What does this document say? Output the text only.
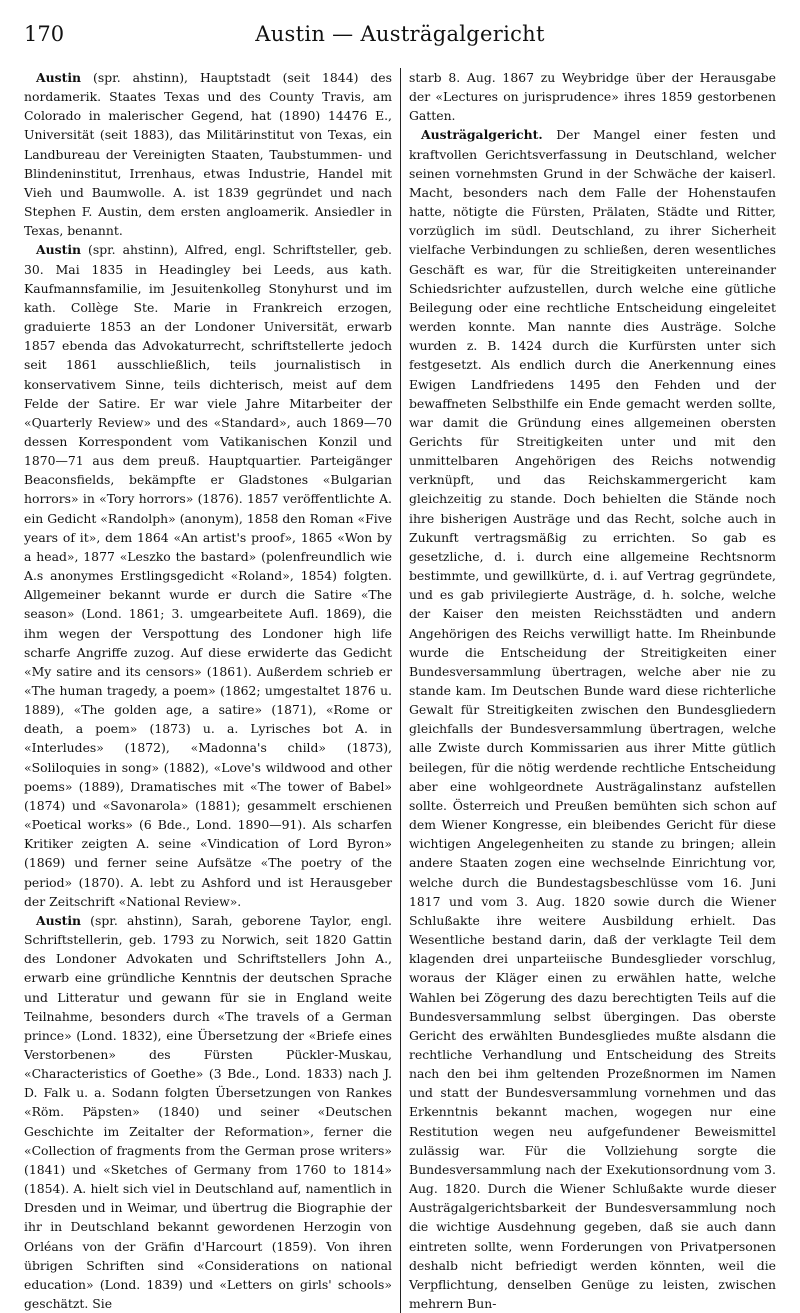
170	Austin — Austrägalgericht

Austin (spr. ahstinn), Hauptstadt (seit 1844) des nordamerik. Staates Texas und des County Travis, am Colorado in malerischer Gegend, hat (1890) 14476 E., Universität (seit 1883), das Militärinstitut von Texas, ein Landbureau der Vereinigten Staaten, Taubstummen- und Blindeninstitut, Irrenhaus, etwas Industrie, Handel mit Vieh und Baumwolle. A. ist 1839 gegründet und nach Stephen F. Austin, dem ersten angloamerik. Ansiedler in Texas, benannt.

Austin (spr. ahstinn), Alfred, engl. Schriftsteller, geb. 30. Mai 1835 in Headingley bei Leeds, aus kath. Kaufmannsfamilie, im Jesuitenkolleg Stonyhurst und im kath. Collège Ste. Marie in Frankreich erzogen, graduierte 1853 an der Londoner Universität, erwarb 1857 ebenda das Advokaturrecht, schriftstellerte jedoch seit 1861 ausschließlich, teils journalistisch in konservativem Sinne, teils dichterisch, meist auf dem Felde der Satire. Er war viele Jahre Mitarbeiter der «Quarterly Review» und des «Standard», auch 1869—70 dessen Korrespondent vom Vatikanischen Konzil und 1870—71 aus dem preuß. Hauptquartier. Parteigänger Beaconsfields, bekämpfte er Gladstones «Bulgarian horrors» in «Tory horrors» (1876). 1857 veröffentlichte A. ein Gedicht «Randolph» (anonym), 1858 den Roman «Five years of it», dem 1864 «An artist's proof», 1865 «Won by a head», 1877 «Leszko the bastard» (polenfreundlich wie A.s anonymes Erstlingsgedicht «Roland», 1854) folgten. Allgemeiner bekannt wurde er durch die Satire «The season» (Lond. 1861; 3. umgearbeitete Aufl. 1869), die ihm wegen der Verspottung des Londoner high life scharfe Angriffe zuzog. Auf diese erwiderte das Gedicht «My satire and its censors» (1861). Außerdem schrieb er «The human tragedy, a poem» (1862; umgestaltet 1876 u. 1889), «The golden age, a satire» (1871), «Rome or death, a poem» (1873) u. a. Lyrisches bot A. in «Interludes» (1872), «Madonna's child» (1873), «Soliloquies in song» (1882), «Love's wildwood and other poems» (1889), Dramatisches mit «The tower of Babel» (1874) und «Savonarola» (1881); gesammelt erschienen «Poetical works» (6 Bde., Lond. 1890—91). Als scharfen Kritiker zeigten A. seine «Vindication of Lord Byron» (1869) und ferner seine Aufsätze «The poetry of the period» (1870). A. lebt zu Ashford und ist Herausgeber der Zeitschrift «National Review».

Austin (spr. ahstinn), Sarah, geborene Taylor, engl. Schriftstellerin, geb. 1793 zu Norwich, seit 1820 Gattin des Londoner Advokaten und Schriftstellers John A., erwarb eine gründliche Kenntnis der deutschen Sprache und Litteratur und gewann für sie in England weite Teilnahme, besonders durch «The travels of a German prince» (Lond. 1832), eine Übersetzung der «Briefe eines Verstorbenen» des Fürsten Pückler-Muskau, «Characteristics of Goethe» (3 Bde., Lond. 1833) nach J. D. Falk u. a. Sodann folgten Übersetzungen von Rankes «Röm. Päpsten» (1840) und seiner «Deutschen Geschichte im Zeitalter der Reformation», ferner die «Collection of fragments from the German prose writers» (1841) und «Sketches of Germany from 1760 to 1814» (1854). A. hielt sich viel in Deutschland auf, namentlich in Dresden und in Weimar, und übertrug die Biographie der ihr in Deutschland bekannt gewordenen Herzogin von Orléans von der Gräfin d'Harcourt (1859). Von ihren übrigen Schriften sind «Considerations on national education» (Lond. 1839) und «Letters on girls' schools» geschätzt. Sie

starb 8. Aug. 1867 zu Weybridge über der Herausgabe der «Lectures on jurisprudence» ihres 1859 gestorbenen Gatten.

Austrägalgericht. Der Mangel einer festen und kraftvollen Gerichtsverfassung in Deutschland, welcher seinen vornehmsten Grund in der Schwäche der kaiserl. Macht, besonders nach dem Falle der Hohenstaufen hatte, nötigte die Fürsten, Prälaten, Städte und Ritter, vorzüglich im südl. Deutschland, zu ihrer Sicherheit vielfache Verbindungen zu schließen, deren wesentliches Geschäft es war, für die Streitigkeiten untereinander Schiedsrichter aufzustellen, durch welche eine gütliche Beilegung oder eine rechtliche Entscheidung eingeleitet werden konnte. Man nannte dies Austräge. Solche wurden z. B. 1424 durch die Kurfürsten unter sich festgesetzt. Als endlich durch die Anerkennung eines Ewigen Landfriedens 1495 den Fehden und der bewaffneten Selbsthilfe ein Ende gemacht werden sollte, war damit die Gründung eines allgemeinen obersten Gerichts für Streitigkeiten unter und mit den unmittelbaren Angehörigen des Reichs notwendig verknüpft, und das Reichskammergericht kam gleichzeitig zu stande. Doch behielten die Stände noch ihre bisherigen Austräge und das Recht, solche auch in Zukunft vertragsmäßig zu errichten. So gab es gesetzliche, d. i. durch eine allgemeine Rechtsnorm bestimmte, und gewillkürte, d. i. auf Vertrag gegründete, und es gab privilegierte Austräge, d. h. solche, welche der Kaiser den meisten Reichsstädten und andern Angehörigen des Reichs verwilligt hatte. Im Rheinbunde wurde die Entscheidung der Streitigkeiten einer Bundesversammlung übertragen, welche aber nie zu stande kam. Im Deutschen Bunde ward diese richterliche Gewalt für Streitigkeiten zwischen den Bundesgliedern gleichfalls der Bundesversammlung übertragen, welche alle Zwiste durch Kommissarien aus ihrer Mitte gütlich beilegen, für die nötig werdende rechtliche Entscheidung aber eine wohlgeordnete Austrägalinstanz aufstellen sollte. Österreich und Preußen bemühten sich schon auf dem Wiener Kongresse, ein bleibendes Gericht für diese wichtigen Angelegenheiten zu stande zu bringen; allein andere Staaten zogen eine wechselnde Einrichtung vor, welche durch die Bundestagsbeschlüsse vom 16. Juni 1817 und vom 3. Aug. 1820 sowie durch die Wiener Schlußakte ihre weitere Ausbildung erhielt. Das Wesentliche bestand darin, daß der verklagte Teil dem klagenden drei unparteiische Bundesglieder vorschlug, woraus der Kläger einen zu erwählen hatte, welche Wahlen bei Zögerung des dazu berechtigten Teils auf die Bundesversammlung selbst übergingen. Das oberste Gericht des erwählten Bundesgliedes mußte alsdann die rechtliche Verhandlung und Entscheidung des Streits nach den bei ihm geltenden Prozeßnormen im Namen und statt der Bundesversammlung vornehmen und das Erkenntnis bekannt machen, wogegen nur eine Restitution wegen neu aufgefundener Beweismittel zulässig war. Für die Vollziehung sorgte die Bundesversammlung nach der Exekutionsordnung vom 3. Aug. 1820. Durch die Wiener Schlußakte wurde dieser Austrägalgerichtsbarkeit der Bundesversammlung noch die wichtige Ausdehnung gegeben, daß sie auch dann eintreten sollte, wenn Forderungen von Privatpersonen deshalb nicht befriedigt werden könnten, weil die Verpflichtung, denselben Genüge zu leisten, zwischen mehrern Bun-
